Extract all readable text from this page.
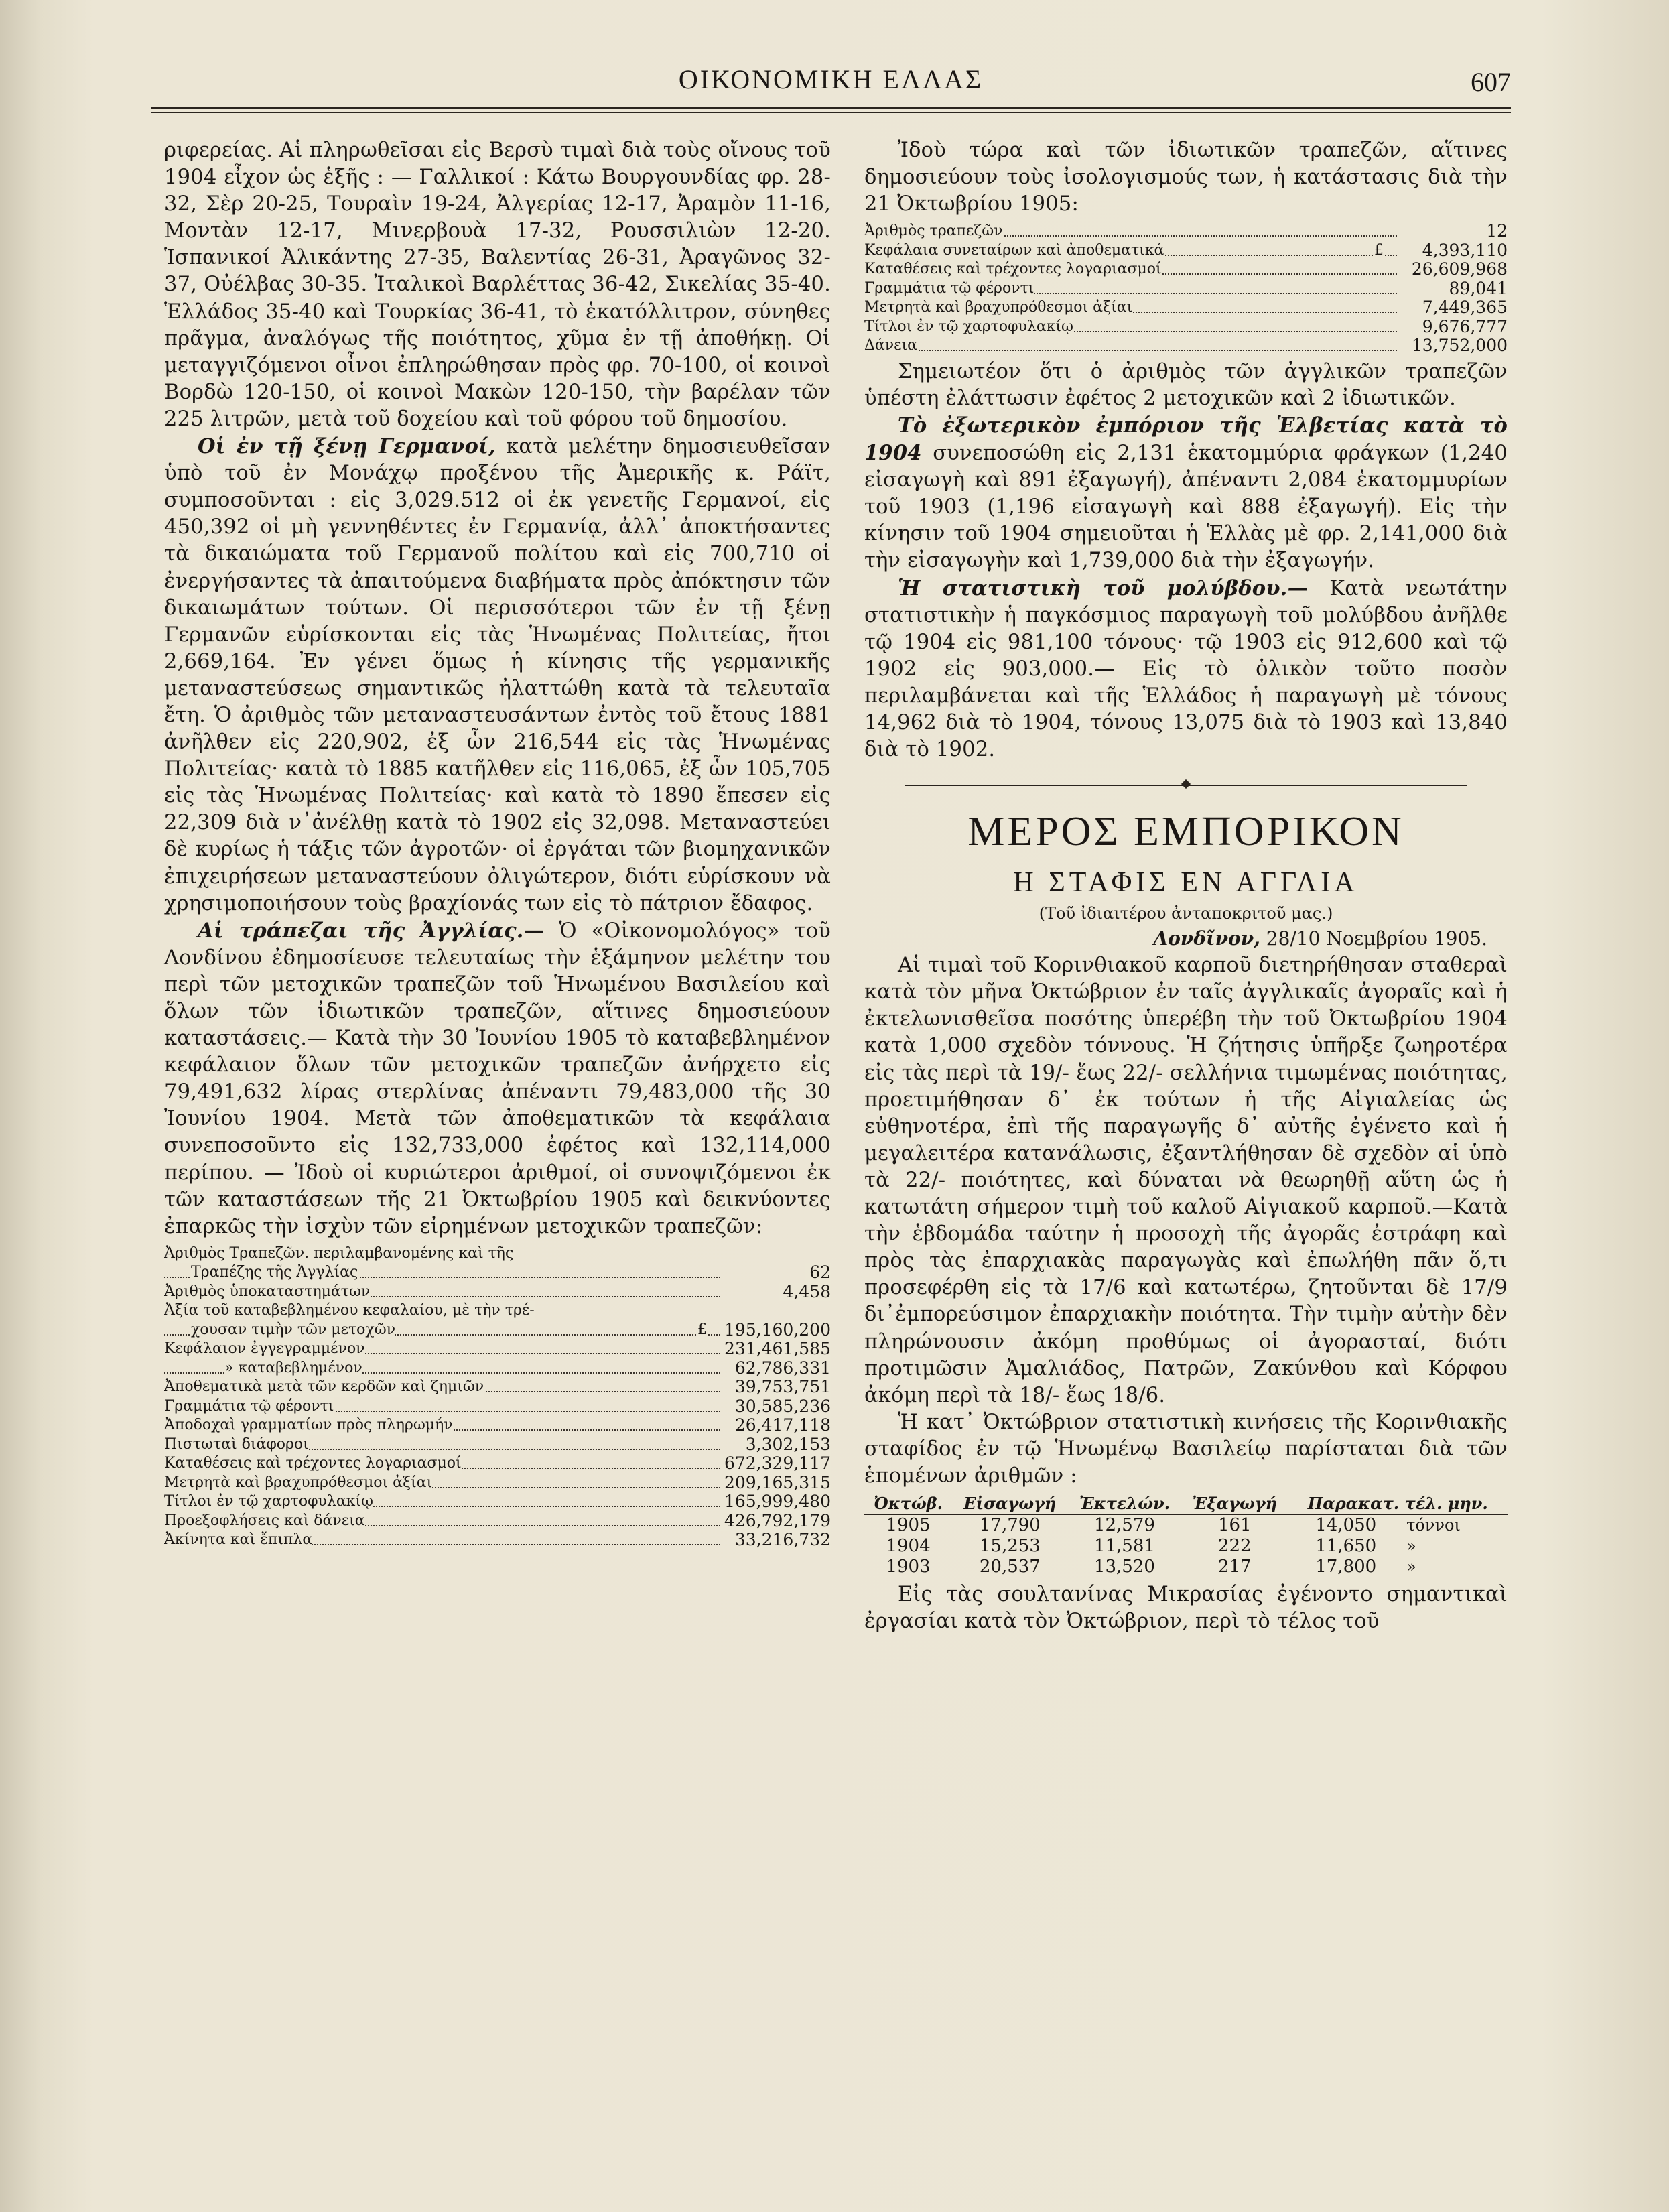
ΟΙΚΟΝΟΜΙΚΗ ΕΛΛΑΣ	607

ριφερείας. Αἱ πληρωθεῖσαι εἰς Βερσὺ τιμαὶ διὰ τοὺς οἴνους τοῦ 1904 εἶχον ὡς ἑξῆς : — Γαλλικοί : Κάτω Βουργουνδίας φρ. 28-32, Σὲρ 20-25, Τουραὶν 19-24, Ἀλγερίας 12-17, Ἀραμὸν 11-16, Μοντὰν 12-17, Μινερβουὰ 17-32, Ρουσσιλιὼν 12-20. Ἱσπανικοί Ἀλικάντης 27-35, Βαλεντίας 26-31, Ἀραγῶνος 32-37, Οὐέλβας 30-35. Ἰταλικοὶ Βαρλέττας 36-42, Σικελίας 35-40. Ἑλλάδος 35-40 καὶ Τουρκίας 36-41, τὸ ἑκατόλλιτρον, σύνηθες πρᾶγμα, ἀναλόγως τῆς ποιότητος, χῦμα ἐν τῇ ἀποθήκῃ. Οἱ μεταγγιζόμενοι οἶνοι ἐπληρώθησαν πρὸς φρ. 70-100, οἱ κοινοὶ Βορδὼ 120-150, οἱ κοινοὶ Μακὼν 120-150, τὴν βαρέλαν τῶν 225 λιτρῶν, μετὰ τοῦ δοχείου καὶ τοῦ φόρου τοῦ δημοσίου.

Οἱ ἐν τῇ ξένῃ Γερμανοί, κατὰ μελέτην δημοσιευθεῖσαν ὑπὸ τοῦ ἐν Μονάχῳ προξένου τῆς Ἀμερικῆς κ. Ράϊτ, συμποσοῦνται : εἰς 3,029.512 οἱ ἐκ γενετῆς Γερμανοί, εἰς 450,392 οἱ μὴ γεννηθέντες ἐν Γερμανίᾳ, ἀλλ᾽ ἀποκτήσαντες τὰ δικαιώματα τοῦ Γερμανοῦ πολίτου καὶ εἰς 700,710 οἱ ἐνεργήσαντες τὰ ἀπαιτούμενα διαβήματα πρὸς ἀπόκτησιν τῶν δικαιωμάτων τούτων. Οἱ περισσότεροι τῶν ἐν τῇ ξένῃ Γερμανῶν εὑρίσκονται εἰς τὰς Ἡνωμένας Πολιτείας, ἤτοι 2,669,164. Ἐν γένει ὅμως ἡ κίνησις τῆς γερμανικῆς μεταναστεύσεως σημαντικῶς ἠλαττώθη κατὰ τὰ τελευταῖα ἔτη. Ὁ ἀριθμὸς τῶν μεταναστευσάντων ἐντὸς τοῦ ἔτους 1881 ἀνῆλθεν εἰς 220,902, ἐξ ὧν 216,544 εἰς τὰς Ἡνωμένας Πολιτείας· κατὰ τὸ 1885 κατῆλθεν εἰς 116,065, ἐξ ὧν 105,705 εἰς τὰς Ἡνωμένας Πολιτείας· καὶ κατὰ τὸ 1890 ἔπεσεν εἰς 22,309 διὰ ν᾽ἀνέλθῃ κατὰ τὸ 1902 εἰς 32,098. Μεταναστεύει δὲ κυρίως ἡ τάξις τῶν ἀγροτῶν· οἱ ἐργάται τῶν βιομηχανικῶν ἐπιχειρήσεων μεταναστεύουν ὀλιγώτερον, διότι εὑρίσκουν νὰ χρησιμοποιήσουν τοὺς βραχίονάς των εἰς τὸ πάτριον ἔδαφος.

Αἱ τράπεζαι τῆς Ἀγγλίας.— Ὁ «Οἰκονομολόγος» τοῦ Λονδίνου ἐδημοσίευσε τελευταίως τὴν ἑξάμηνον μελέτην του περὶ τῶν μετοχικῶν τραπεζῶν τοῦ Ἡνωμένου Βασιλείου καὶ ὅλων τῶν ἰδιωτικῶν τραπεζῶν, αἵτινες δημοσιεύουν καταστάσεις.— Κατὰ τὴν 30 Ἰουνίου 1905 τὸ καταβεβλημένον κεφάλαιον ὅλων τῶν μετοχικῶν τραπεζῶν ἀνήρχετο εἰς 79,491,632 λίρας στερλίνας ἀπέναντι 79,483,000 τῆς 30 Ἰουνίου 1904. Μετὰ τῶν ἀποθεματικῶν τὰ κεφάλαια συνεποσοῦντο εἰς 132,733,000 ἐφέτος καὶ 132,114,000 περίπου. — Ἰδοὺ οἱ κυριώτεροι ἀριθμοί, οἱ συνοψιζόμενοι ἐκ τῶν καταστάσεων τῆς 21 Ὀκτωβρίου 1905 καὶ δεικνύοντες ἐπαρκῶς τὴν ἰσχὺν τῶν εἰρημένων μετοχικῶν τραπεζῶν:

Ἀριθμὸς Τραπεζῶν. περιλαμβανομένης καὶ τῆς
Τραπέζης τῆς Ἀγγλίας	62
Ἀριθμὸς ὑποκαταστημάτων	4,458
Ἀξία τοῦ καταβεβλημένου κεφαλαίου, μὲ τὴν τρέ-
χουσαν τιμὴν τῶν μετοχῶν	£ 195,160,200
Κεφάλαιον ἐγγεγραμμένον	231,461,585
» καταβεβλημένον	62,786,331
Ἀποθεματικὰ μετὰ τῶν κερδῶν καὶ ζημιῶν	39,753,751
Γραμμάτια τῷ φέροντι	30,585,236
Ἀποδοχαὶ γραμματίων πρὸς πληρωμήν	26,417,118
Πιστωταὶ διάφοροι	3,302,153
Καταθέσεις καὶ τρέχοντες λογαριασμοί	672,329,117
Μετρητὰ καὶ βραχυπρόθεσμοι ἀξίαι	209,165,315
Τίτλοι ἐν τῷ χαρτοφυλακίῳ	165,999,480
Προεξοφλήσεις καὶ δάνεια	426,792,179
Ἀκίνητα καὶ ἔπιπλα	33,216,732

Ἰδοὺ τώρα καὶ τῶν ἰδιωτικῶν τραπεζῶν, αἵτινες δημοσιεύουν τοὺς ἰσολογισμούς των, ἡ κατάστασις διὰ τὴν 21 Ὀκτωβρίου 1905:

Ἀριθμὸς τραπεζῶν	12
Κεφάλαια συνεταίρων καὶ ἀποθεματικά	£ 4,393,110
Καταθέσεις καὶ τρέχοντες λογαριασμοί	26,609,968
Γραμμάτια τῷ φέροντι	89,041
Μετρητὰ καὶ βραχυπρόθεσμοι ἀξίαι	7,449,365
Τίτλοι ἐν τῷ χαρτοφυλακίῳ	9,676,777
Δάνεια	13,752,000

Σημειωτέον ὅτι ὁ ἀριθμὸς τῶν ἀγγλικῶν τραπεζῶν ὑπέστη ἐλάττωσιν ἐφέτος 2 μετοχικῶν καὶ 2 ἰδιωτικῶν.

Τὸ ἐξωτερικὸν ἐμπόριον τῆς Ἑλβετίας κατὰ τὸ 1904 συνεποσώθη εἰς 2,131 ἑκατομμύρια φράγκων (1,240 εἰσαγωγὴ καὶ 891 ἐξαγωγή), ἀπέναντι 2,084 ἑκατομμυρίων τοῦ 1903 (1,196 εἰσαγωγὴ καὶ 888 ἐξαγωγή). Εἰς τὴν κίνησιν τοῦ 1904 σημειοῦται ἡ Ἑλλὰς μὲ φρ. 2,141,000 διὰ τὴν εἰσαγωγὴν καὶ 1,739,000 διὰ τὴν ἐξαγωγήν.

Ἡ στατιστικὴ τοῦ μολύβδου.— Κατὰ νεωτάτην στατιστικὴν ἡ παγκόσμιος παραγωγὴ τοῦ μολύβδου ἀνῆλθε τῷ 1904 εἰς 981,100 τόνους· τῷ 1903 εἰς 912,600 καὶ τῷ 1902 εἰς 903,000.— Εἰς τὸ ὁλικὸν τοῦτο ποσὸν περιλαμβάνεται καὶ τῆς Ἑλλάδος ἡ παραγωγὴ μὲ τόνους 14,962 διὰ τὸ 1904, τόνους 13,075 διὰ τὸ 1903 καὶ 13,840 διὰ τὸ 1902.

ΜΕΡΟΣ ΕΜΠΟΡΙΚΟΝ
Η ΣΤΑΦΙΣ ΕΝ ΑΓΓΛΙΑ
(Τοῦ ἰδιαιτέρου ἀνταποκριτοῦ μας.)
Λονδῖνον, 28/10 Νοεμβρίου 1905.

Αἱ τιμαὶ τοῦ Κορινθιακοῦ καρποῦ διετηρήθησαν σταθεραὶ κατὰ τὸν μῆνα Ὀκτώβριον ἐν ταῖς ἀγγλικαῖς ἀγοραῖς καὶ ἡ ἐκτελωνισθεῖσα ποσότης ὑπερέβη τὴν τοῦ Ὀκτωβρίου 1904 κατὰ 1,000 σχεδὸν τόννους. Ἡ ζήτησις ὑπῆρξε ζωηροτέρα εἰς τὰς περὶ τὰ 19/- ἕως 22/- σελλήνια τιμωμένας ποιότητας, προετιμήθησαν δ᾽ ἐκ τούτων ἡ τῆς Αἰγιαλείας ὡς εὐθηνοτέρα, ἐπὶ τῆς παραγωγῆς δ᾽ αὐτῆς ἐγένετο καὶ ἡ μεγαλειτέρα κατανάλωσις, ἐξαντλήθησαν δὲ σχεδὸν αἱ ὑπὸ τὰ 22/- ποιότητες, καὶ δύναται νὰ θεωρηθῇ αὕτη ὡς ἡ κατωτάτη σήμερον τιμὴ τοῦ καλοῦ Αἰγιακοῦ καρποῦ.—Κατὰ τὴν ἑβδομάδα ταύτην ἡ προσοχὴ τῆς ἀγορᾶς ἐστράφη καὶ πρὸς τὰς ἐπαρχιακὰς παραγωγὰς καὶ ἐπωλήθη πᾶν ὅ,τι προσεφέρθη εἰς τὰ 17/6 καὶ κατωτέρω, ζητοῦνται δὲ 17/9 δι᾽ἐμπορεύσιμον ἐπαρχιακὴν ποιότητα. Τὴν τιμὴν αὐτὴν δὲν πληρώνουσιν ἀκόμη προθύμως οἱ ἀγορασταί, διότι προτιμῶσιν Ἀμαλιάδος, Πατρῶν, Ζακύνθου καὶ Κόρφου ἀκόμη περὶ τὰ 18/- ἕως 18/6.

Ἡ κατ᾽ Ὀκτώβριον στατιστικὴ κινήσεις τῆς Κορινθιακῆς σταφίδος ἐν τῷ Ἡνωμένῳ Βασιλείῳ παρίσταται διὰ τῶν ἑπομένων ἀριθμῶν :

Ὀκτώβ.	Εἰσαγωγή	Ἐκτελών.	Ἐξαγωγή	Παρακατ. τέλ. μην.	
1905	17,790	12,579	161	14,050	τόννοι
1904	15,253	11,581	222	11,650	»
1903	20,537	13,520	217	17,800	»

Εἰς τὰς σουλτανίνας Μικρασίας ἐγένοντο σημαντικαὶ ἐργασίαι κατὰ τὸν Ὀκτώβριον, περὶ τὸ τέλος τοῦ
